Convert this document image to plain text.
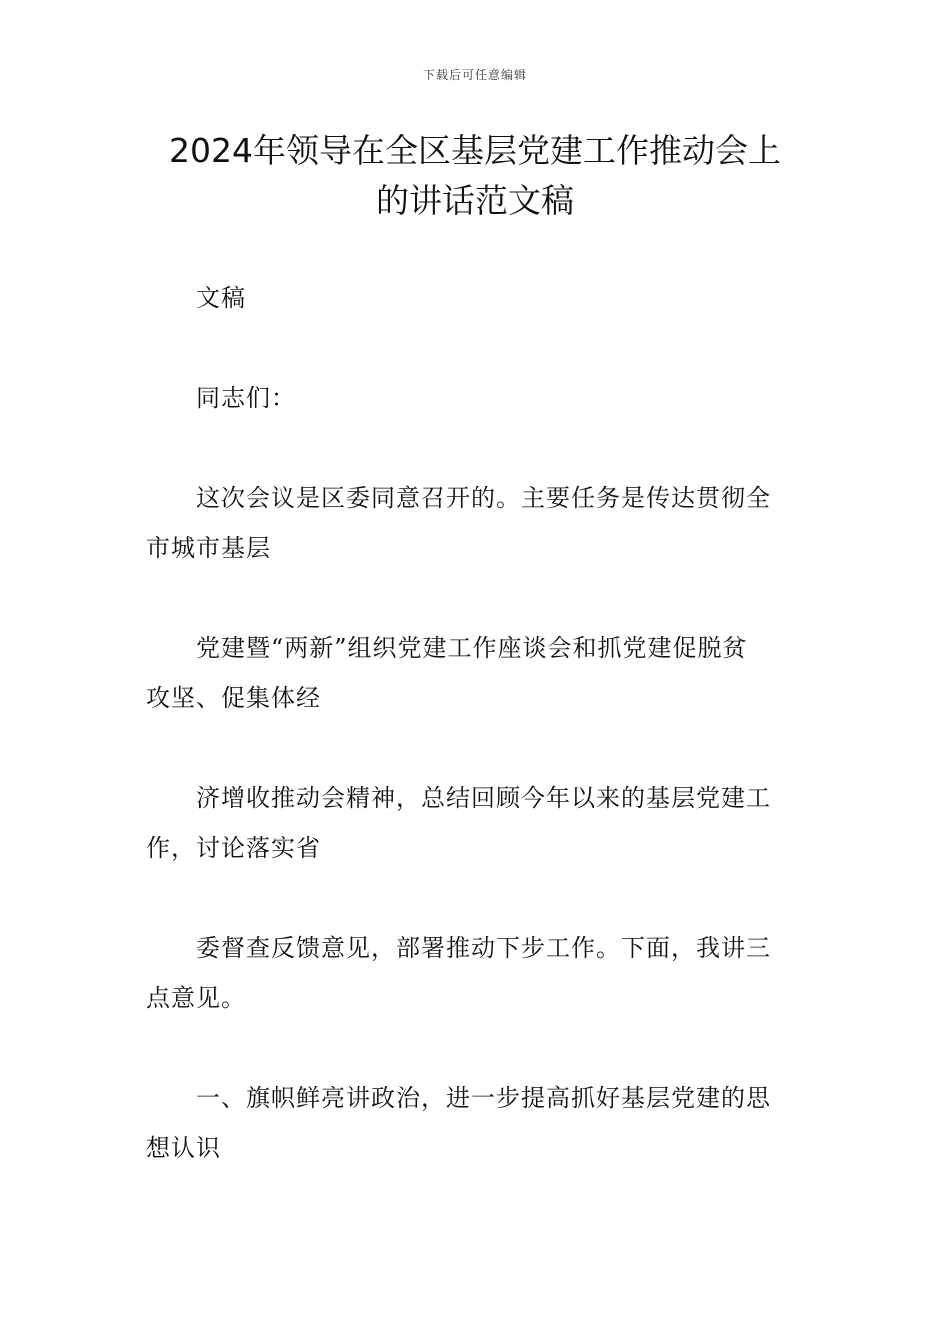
下载后可任意编辑
2024年领导在全区基层党建工作推动会上
的讲话范文稿

文稿

同志们：

这次会议是区委同意召开的。主要任务是传达贯彻全
市城市基层

党建暨“两新”组织党建工作座谈会和抓党建促脱贫
攻坚、促集体经

济增收推动会精神，总结回顾今年以来的基层党建工
作，讨论落实省

委督查反馈意见，部署推动下步工作。下面，我讲三
点意见。

一、旗帜鲜亮讲政治，进一步提高抓好基层党建的思
想认识
